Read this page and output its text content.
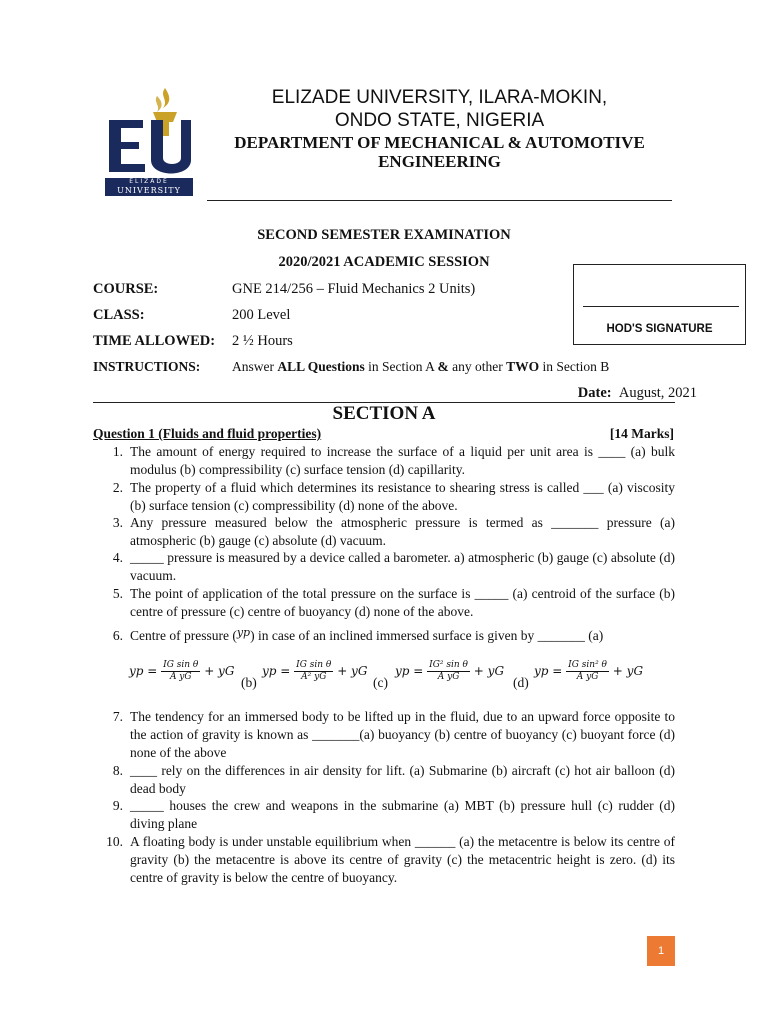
ELIZADE
UNIVERSITY
ELIZADE UNIVERSITY, ILARA-MOKIN,
ONDO STATE, NIGERIA
DEPARTMENT OF MECHANICAL & AUTOMOTIVE
ENGINEERING
SECOND SEMESTER EXAMINATION
2020/2021 ACADEMIC SESSION
HOD'S SIGNATURE
COURSE:	GNE 214/256 – Fluid Mechanics 2 Units)
CLASS:	200 Level
TIME ALLOWED: 2 ½ Hours
INSTRUCTIONS: Answer ALL Questions in Section A & any other TWO in Section B
Date: August, 2021
SECTION A
Question 1 (Fluids and fluid properties)	[14 Marks]
1. The amount of energy required to increase the surface of a liquid per unit area is ____ (a) bulk modulus (b) compressibility (c) surface tension (d) capillarity.
2. The property of a fluid which determines its resistance to shearing stress is called ___ (a) viscosity (b) surface tension (c) compressibility (d) none of the above.
3. Any pressure measured below the atmospheric pressure is termed as _______ pressure (a) atmospheric (b) gauge (c) absolute (d) vacuum.
4. _____ pressure is measured by a device called a barometer. a) atmospheric (b) gauge (c) absolute (d) vacuum.
5. The point of application of the total pressure on the surface is _____ (a) centroid of the surface (b) centre of pressure (c) centre of buoyancy (d) none of the above.
6. Centre of pressure ($^{yp}$) in case of an inclined immersed surface is given by _______ (a)
yp = $\frac{\text{IG sin θ}}{\text{A yG}}$ + yG
(b)
yp = $\frac{\text{IG sin θ}}{\text{A² yG}}$ + yG
(c)
yp = $\frac{\text{IG² sin θ}}{\text{A yG}}$ + yG
(d)
yp = $\frac{\text{IG sin² θ}}{\text{A yG}}$ + yG
7. The tendency for an immersed body to be lifted up in the fluid, due to an upward force opposite to the action of gravity is known as _______(a) buoyancy (b) centre of buoyancy (c) buoyant force (d) none of the above
8. ____ rely on the differences in air density for lift. (a) Submarine (b) aircraft (c) hot air balloon (d) dead body
9. _____ houses the crew and weapons in the submarine (a) MBT (b) pressure hull (c) rudder (d) diving plane
10. A floating body is under unstable equilibrium when ______ (a) the metacentre is below its centre of gravity (b) the metacentre is above its centre of gravity (c) the metacentric height is zero. (d) its centre of gravity is below the centre of buoyancy.
1
